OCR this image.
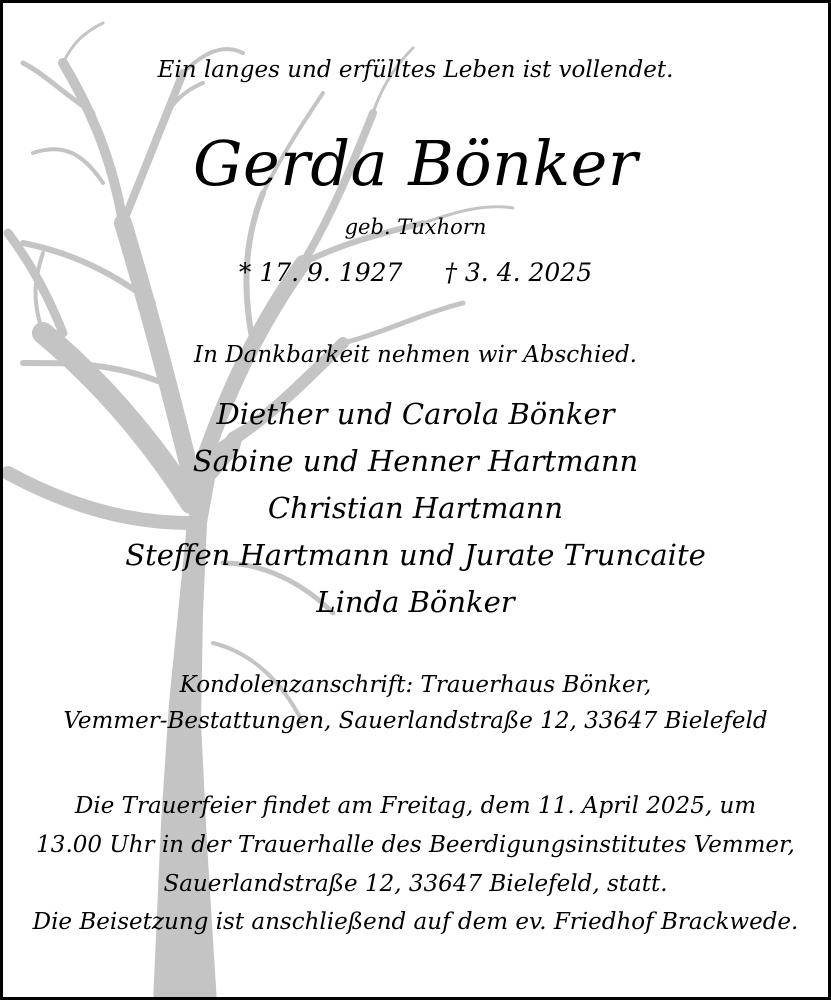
Ein langes und erfülltes Leben ist vollendet.
Gerda Bönker
geb. Tuxhorn
* 17. 9. 1927 † 3. 4. 2025
In Dankbarkeit nehmen wir Abschied.
Diether und Carola Bönker
Sabine und Henner Hartmann
Christian Hartmann
Steffen Hartmann und Jurate Truncaite
Linda Bönker
Kondolenzanschrift: Trauerhaus Bönker,
Vemmer-Bestattungen, Sauerlandstraße 12, 33647 Bielefeld
Die Trauerfeier findet am Freitag, dem 11. April 2025, um
13.00 Uhr in der Trauerhalle des Beerdigungsinstitutes Vemmer,
Sauerlandstraße 12, 33647 Bielefeld, statt.
Die Beisetzung ist anschließend auf dem ev. Friedhof Brackwede.
